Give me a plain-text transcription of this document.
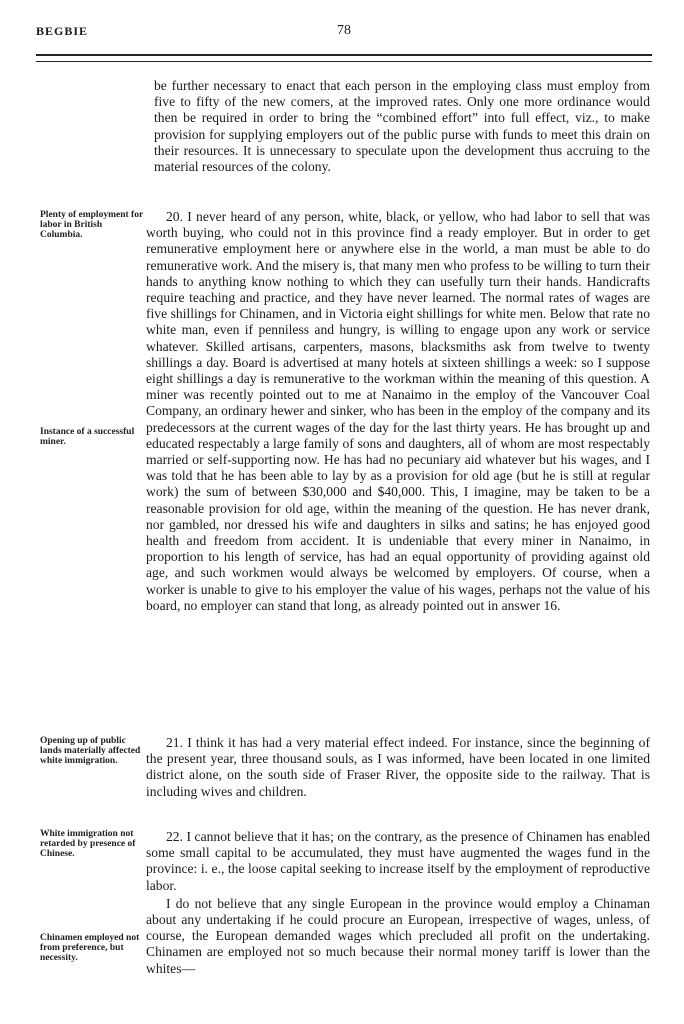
BEGBIE	78
Plenty of employment for labor in British Columbia.
Instance of a successful miner.
Opening up of public lands materially affected white immigration.
White immigration not retarded by presence of Chinese.
Chinamen employed not from preference, but necessity.

be further necessary to enact that each person in the employing class must employ from five to fifty of the new comers, at the improved rates. Only one more ordinance would then be required in order to bring the “combined effort” into full effect, viz., to make provision for supplying employers out of the public purse with funds to meet this drain on their resources. It is unnecessary to speculate upon the development thus accruing to the material resources of the colony.

20. I never heard of any person, white, black, or yellow, who had labor to sell that was worth buying, who could not in this province find a ready employer. But in order to get remunerative employment here or anywhere else in the world, a man must be able to do remunerative work. And the misery is, that many men who profess to be willing to turn their hands to anything know nothing to which they can usefully turn their hands. Handicrafts require teaching and practice, and they have never learned. The normal rates of wages are five shillings for Chinamen, and in Victoria eight shillings for white men. Below that rate no white man, even if penniless and hungry, is willing to engage upon any work or service whatever. Skilled artisans, carpenters, masons, blacksmiths ask from twelve to twenty shillings a day. Board is advertised at many hotels at sixteen shillings a week: so I suppose eight shillings a day is remunerative to the workman within the meaning of this question. A miner was recently pointed out to me at Nanaimo in the employ of the Vancouver Coal Company, an ordinary hewer and sinker, who has been in the employ of the company and its predecessors at the current wages of the day for the last thirty years. He has brought up and educated respectably a large family of sons and daughters, all of whom are most respectably married or self-supporting now. He has had no pecuniary aid whatever but his wages, and I was told that he has been able to lay by as a provision for old age (but he is still at regular work) the sum of between $30,000 and $40,000. This, I imagine, may be taken to be a reasonable provision for old age, within the meaning of the question. He has never drank, nor gambled, nor dressed his wife and daughters in silks and satins; he has enjoyed good health and freedom from accident. It is undeniable that every miner in Nanaimo, in proportion to his length of service, has had an equal opportunity of providing against old age, and such workmen would always be welcomed by employers. Of course, when a worker is unable to give to his employer the value of his wages, perhaps not the value of his board, no employer can stand that long, as already pointed out in answer 16.

21. I think it has had a very material effect indeed. For instance, since the beginning of the present year, three thousand souls, as I was informed, have been located in one limited district alone, on the south side of Fraser River, the opposite side to the railway. That is including wives and children.

22. I cannot believe that it has; on the contrary, as the presence of Chinamen has enabled some small capital to be accumulated, they must have augmented the wages fund in the province: i. e., the loose capital seeking to increase itself by the employment of reproductive labor.

I do not believe that any single European in the province would employ a Chinaman about any undertaking if he could procure an European, irrespective of wages, unless, of course, the European demanded wages which precluded all profit on the undertaking. Chinamen are employed not so much because their normal money tariff is lower than the whites—
